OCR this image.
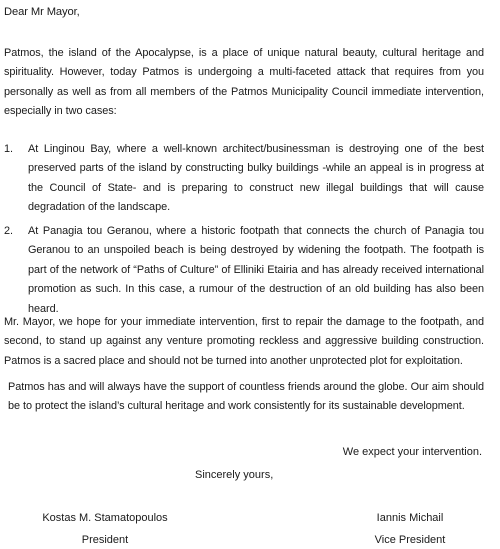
Dear Mr Mayor,
Patmos, the island of the Apocalypse, is a place of unique natural beauty, cultural heritage and spirituality. However, today Patmos is undergoing a multi-faceted attack that requires from you personally as well as from all members of the Patmos Municipality Council immediate intervention, especially in two cases:
1. At Linginou Bay, where a well-known architect/businessman is destroying one of the best preserved parts of the island by constructing bulky buildings -while an appeal is in progress at the Council of State- and is preparing to construct new illegal buildings that will cause degradation of the landscape.
2. At Panagia tou Geranou, where a historic footpath that connects the church of Panagia tou Geranou to an unspoiled beach is being destroyed by widening the footpath. The footpath is part of the network of “Paths of Culture” of Elliniki Etairia and has already received international promotion as such. In this case, a rumour of the destruction of an old building has also been heard.
Mr. Mayor, we hope for your immediate intervention, first to repair the damage to the footpath, and second, to stand up against any venture promoting reckless and aggressive building construction. Patmos is a sacred place and should not be turned into another unprotected plot for exploitation.
Patmos has and will always have the support of countless friends around the globe. Our aim should be to protect the island’s cultural heritage and work consistently for its sustainable development.
We expect your intervention.
Sincerely yours,
Kostas M. Stamatopoulos
President
Iannis Michail
Vice President
